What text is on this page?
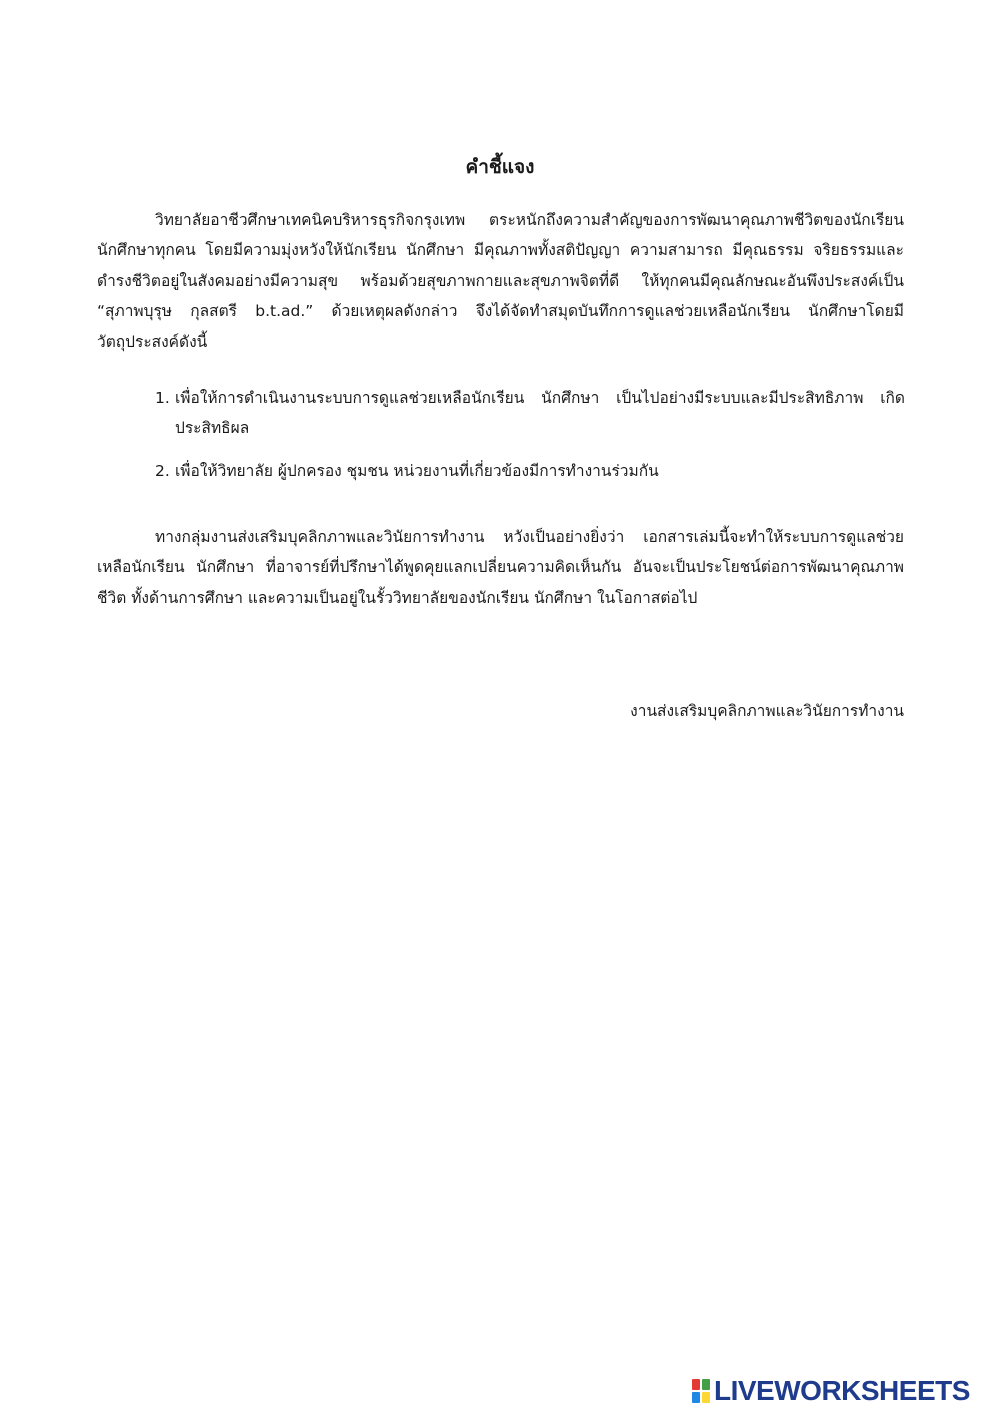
คำชี้แจง

วิทยาลัยอาชีวศึกษาเทคนิคบริหารธุรกิจกรุงเทพ ตระหนักถึงความสำคัญของการพัฒนาคุณภาพชีวิตของนักเรียน นักศึกษาทุกคน โดยมีความมุ่งหวังให้นักเรียน นักศึกษา มีคุณภาพทั้งสติปัญญา ความสามารถ มีคุณธรรม จริยธรรมและดำรงชีวิตอยู่ในสังคมอย่างมีความสุข พร้อมด้วยสุขภาพกายและสุขภาพจิตที่ดี ให้ทุกคนมีคุณลักษณะอันพึงประสงค์เป็น “สุภาพบุรุษ กุลสตรี b.t.ad.” ด้วยเหตุผลดังกล่าว จึงได้จัดทำสมุดบันทึกการดูแลช่วยเหลือนักเรียน นักศึกษาโดยมีวัตถุประสงค์ดังนี้

1. เพื่อให้การดำเนินงานระบบการดูแลช่วยเหลือนักเรียน นักศึกษา เป็นไปอย่างมีระบบและมีประสิทธิภาพ เกิดประสิทธิผล
2. เพื่อให้วิทยาลัย ผู้ปกครอง ชุมชน หน่วยงานที่เกี่ยวข้องมีการทำงานร่วมกัน

ทางกลุ่มงานส่งเสริมบุคลิกภาพและวินัยการทำงาน หวังเป็นอย่างยิ่งว่า เอกสารเล่มนี้จะทำให้ระบบการดูแลช่วยเหลือนักเรียน นักศึกษา ที่อาจารย์ที่ปรึกษาได้พูดคุยแลกเปลี่ยนความคิดเห็นกัน อันจะเป็นประโยชน์ต่อการพัฒนาคุณภาพชีวิต ทั้งด้านการศึกษา และความเป็นอยู่ในรั้ววิทยาลัยของนักเรียน นักศึกษา ในโอกาสต่อไป

งานส่งเสริมบุคลิกภาพและวินัยการทำงาน
LIVEWORKSHEETS
